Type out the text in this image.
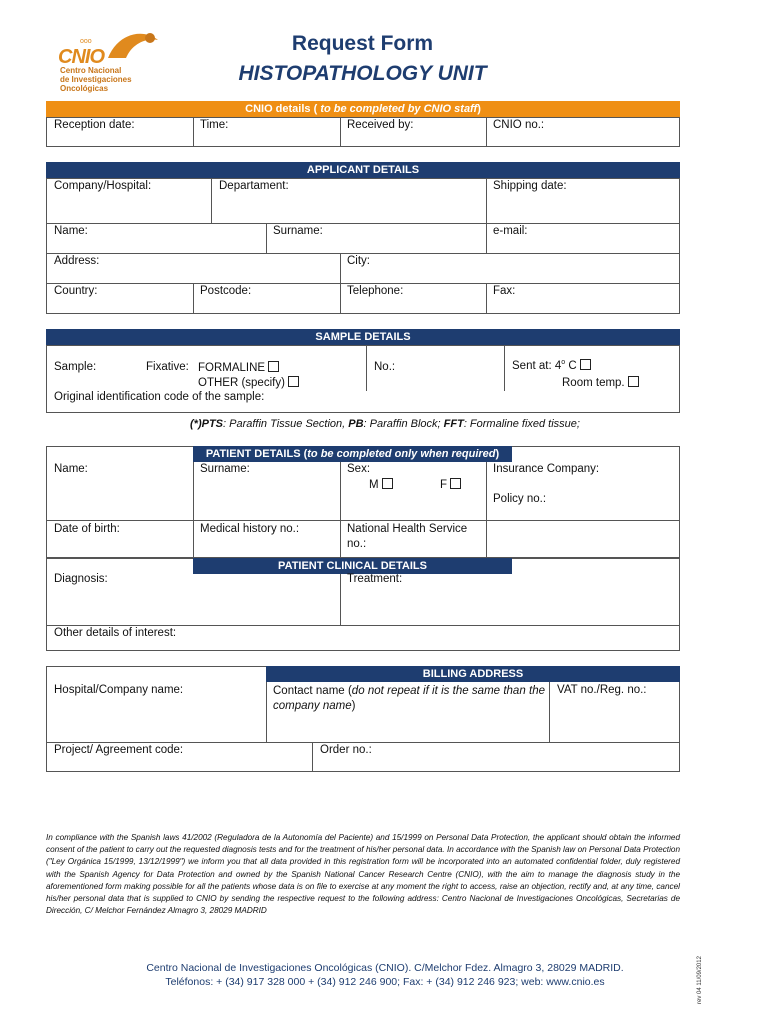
ooo
CNIO
Centro Nacional
de Investigaciones
Oncológicas
Request Form
HISTOPATHOLOGY UNIT
CNIO details ( to be completed by CNIO staff)
Reception date:	Time:	Received by:	CNIO no.:
APPLICANT DETAILS
Company/Hospital:	Departament:	Shipping date:
Name:	Surname:	e-mail:
Address:	City:
Country:	Postcode:	Telephone:	Fax:
SAMPLE DETAILS
Sample:	Fixative: FORMALINE
OTHER (specify)
No.:	Sent at: 4$^o$ C
Room temp.
Original identification code of the sample:
(*)PTS: Paraffin Tissue Section, PB: Paraffin Block; FFT: Formaline fixed tissue;
PATIENT DETAILS (to be completed only when required)
Name:	Surname:	Sex:
M	F
Insurance Company:
Policy no.:
Date of birth:	Medical history no.:	National Health Service
no.:
PATIENT CLINICAL DETAILS
Diagnosis:	Treatment:
Other details of interest:
BILLING ADDRESS
Hospital/Company name:	Contact name (do not repeat if it is the same than the company name)
VAT no./Reg. no.:
Project/ Agreement code:	Order no.:
In compliance with the Spanish laws 41/2002 (Reguladora de la Autonomía del Paciente) and 15/1999 on Personal Data Protection, the applicant should obtain the informed consent of the patient to carry out the requested diagnosis tests and for the treatment of his/her personal data. In accordance with the Spanish law on Personal Data Protection ("Ley Orgánica 15/1999, 13/12/1999") we inform you that all data provided in this registration form will be incorporated into an automated confidential folder, duly registered with the Spanish Agency for Data Protection and owned by the Spanish National Cancer Research Centre (CNIO), with the aim to manage the diagnosis study in the aforementioned form making possible for all the patients whose data is on file to exercise at any moment the right to access, raise an objection, rectify and, at any time, cancel his/her personal data that is supplied to CNIO by sending the respective request to the following address: Centro Nacional de Investigaciones Oncológicas, Secretarias de Dirección, C/ Melchor Fernández Almagro 3, 28029 MADRID
Centro Nacional de Investigaciones Oncológicas (CNIO). C/Melchor Fdez. Almagro 3, 28029 MADRID.
Teléfonos: + (34) 917 328 000 + (34) 912 246 900; Fax: + (34) 912 246 923; web: www.cnio.es	rev 04 11/09/2012
